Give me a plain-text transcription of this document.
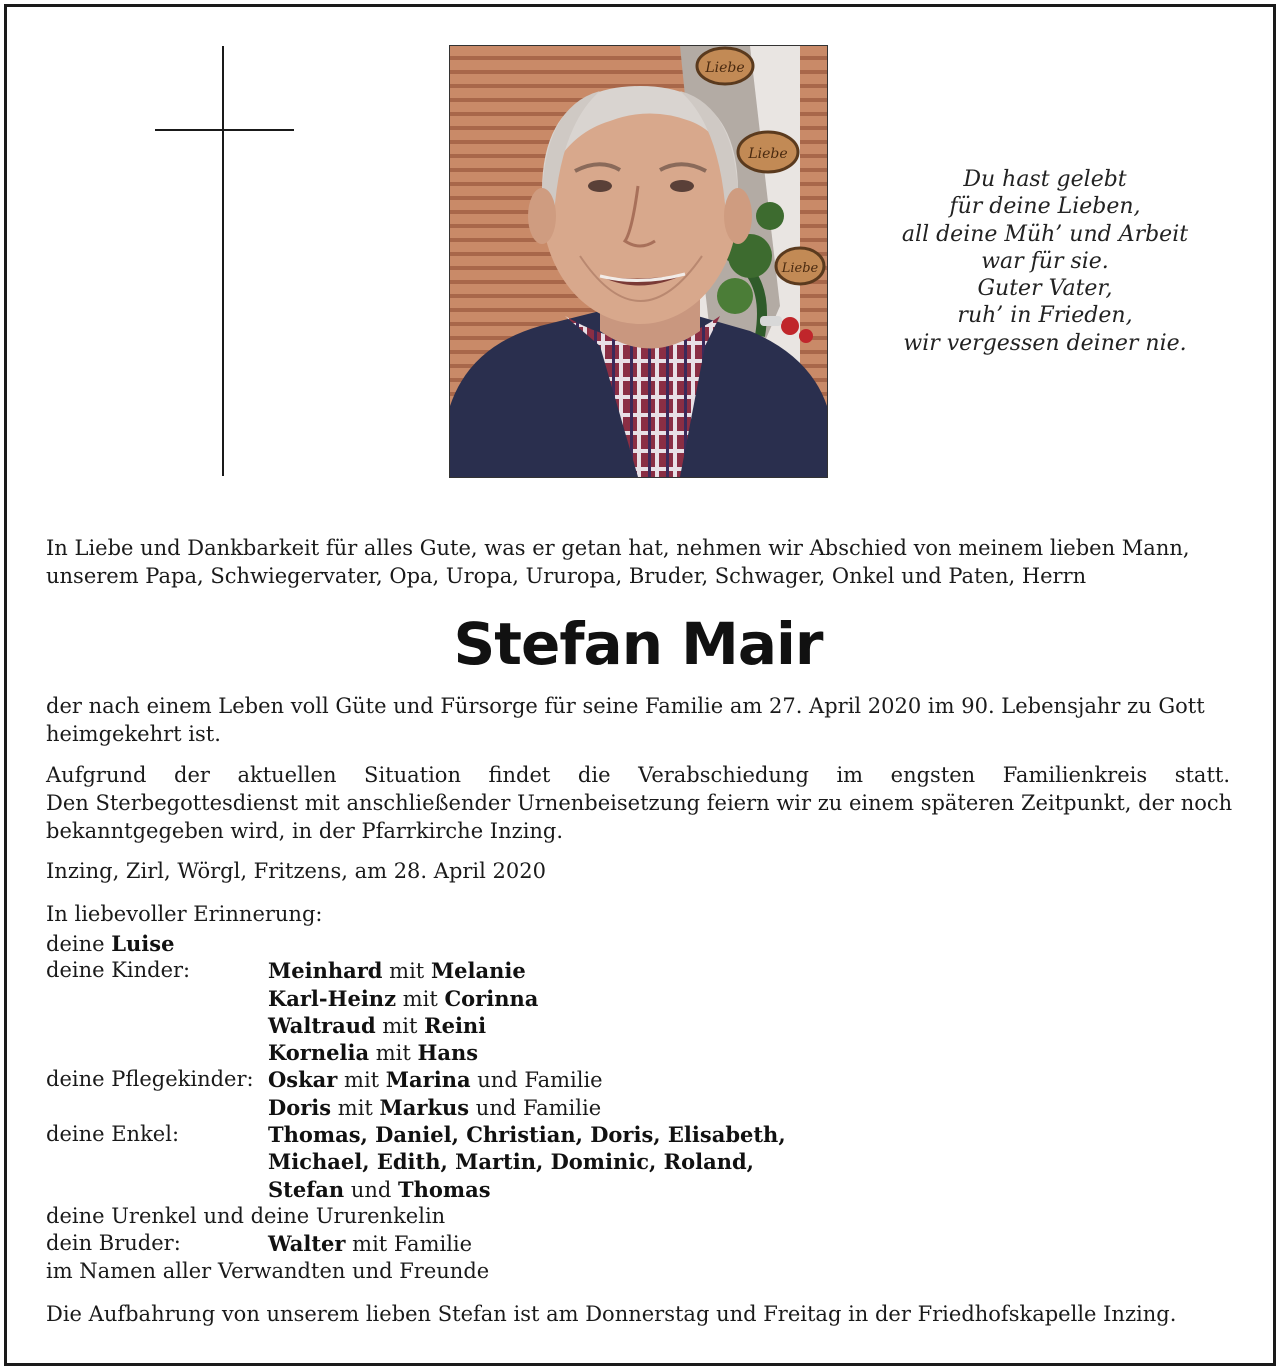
Liebe
Liebe
Liebe
Du hast gelebt
für deine Lieben,
all deine Müh’ und Arbeit
war für sie.
Guter Vater,
ruh’ in Frieden,
wir vergessen deiner nie.
In Liebe und Dankbarkeit für alles Gute, was er getan hat, nehmen wir Abschied von meinem lieben Mann,
unserem Papa, Schwiegervater, Opa, Uropa, Ururopa, Bruder, Schwager, Onkel und Paten, Herrn
Stefan Mair
der nach einem Leben voll Güte und Fürsorge für seine Familie am 27. April 2020 im 90. Lebensjahr zu Gott
heimgekehrt ist.
Aufgrund der aktuellen Situation findet die Verabschiedung im engsten Familienkreis statt.
Den Sterbegottesdienst mit anschließender Urnenbeisetzung feiern wir zu einem späteren Zeitpunkt, der noch
bekanntgegeben wird, in der Pfarrkirche Inzing.
Inzing, Zirl, Wörgl, Fritzens, am 28. April 2020
In liebevoller Erinnerung:
deine Luise
deine Kinder:	Meinhard mit Melanie
Karl-Heinz mit Corinna
Waltraud mit Reini
Kornelia mit Hans
deine Pflegekinder: Oskar mit Marina und Familie
Doris mit Markus und Familie
deine Enkel:	Thomas, Daniel, Christian, Doris, Elisabeth,
Michael, Edith, Martin, Dominic, Roland,
Stefan und Thomas
deine Urenkel und deine Ururenkelin
dein Bruder:	Walter mit Familie
im Namen aller Verwandten und Freunde
Die Aufbahrung von unserem lieben Stefan ist am Donnerstag und Freitag in der Friedhofskapelle Inzing.
